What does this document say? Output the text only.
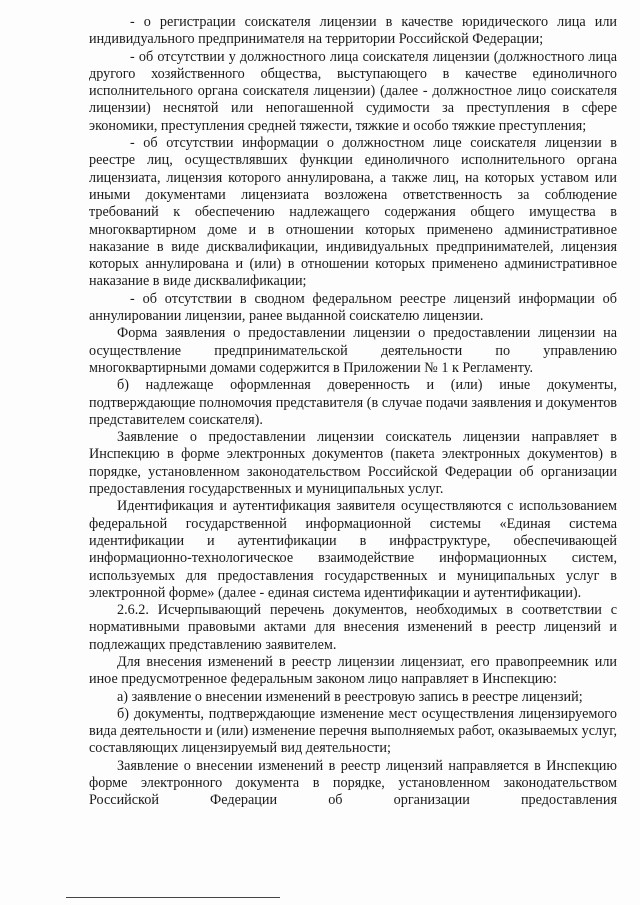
- о регистрации соискателя лицензии в качестве юридического лица или индивидуального предпринимателя на территории Российской Федерации;

- об отсутствии у должностного лица соискателя лицензии (должностного лица другого хозяйственного общества, выступающего в качестве единоличного исполнительного органа соискателя лицензии) (далее - должностное лицо соискателя лицензии) неснятой или непогашенной судимости за преступления в сфере экономики, преступления средней тяжести, тяжкие и особо тяжкие преступления;

- об отсутствии информации о должностном лице соискателя лицензии в реестре лиц, осуществлявших функции единоличного исполнительного органа лицензиата, лицензия которого аннулирована, а также лиц, на которых уставом или иными документами лицензиата возложена ответственность за соблюдение требований к обеспечению надлежащего содержания общего имущества в многоквартирном доме и в отношении которых применено административное наказание в виде дисквалификации, индивидуальных предпринимателей, лицензия которых аннулирована и (или) в отношении которых применено административное наказание в виде дисквалификации;

- об отсутствии в сводном федеральном реестре лицензий информации об аннулировании лицензии, ранее выданной соискателю лицензии.

Форма заявления о предоставлении лицензии о предоставлении лицензии на осуществление предпринимательской деятельности по управлению многоквартирными домами содержится в Приложении № 1 к Регламенту.

б) надлежаще оформленная доверенность и (или) иные документы, подтверждающие полномочия представителя (в случае подачи заявления и документов представителем соискателя).

Заявление о предоставлении лицензии соискатель лицензии направляет в Инспекцию в форме электронных документов (пакета электронных документов) в порядке, установленном законодательством Российской Федерации об организации предоставления государственных и муниципальных услуг.

Идентификация и аутентификация заявителя осуществляются с использованием федеральной государственной информационной системы «Единая система идентификации и аутентификации в инфраструктуре, обеспечивающей информационно-технологическое взаимодействие информационных систем, используемых для предоставления государственных и муниципальных услуг в электронной форме» (далее - единая система идентификации и аутентификации).

2.6.2. Исчерпывающий перечень документов, необходимых в соответствии с нормативными правовыми актами для внесения изменений в реестр лицензий и подлежащих представлению заявителем.

Для внесения изменений в реестр лицензии лицензиат, его правопреемник или иное предусмотренное федеральным законом лицо направляет в Инспекцию:

а) заявление о внесении изменений в реестровую запись в реестре лицензий;

б) документы, подтверждающие изменение мест осуществления лицензируемого вида деятельности и (или) изменение перечня выполняемых работ, оказываемых услуг, составляющих лицензируемый вид деятельности;

Заявление о внесении изменений в реестр лицензий направляется в Инспекцию форме электронного документа в порядке, установленном законодательством Российской Федерации об организации предоставления
